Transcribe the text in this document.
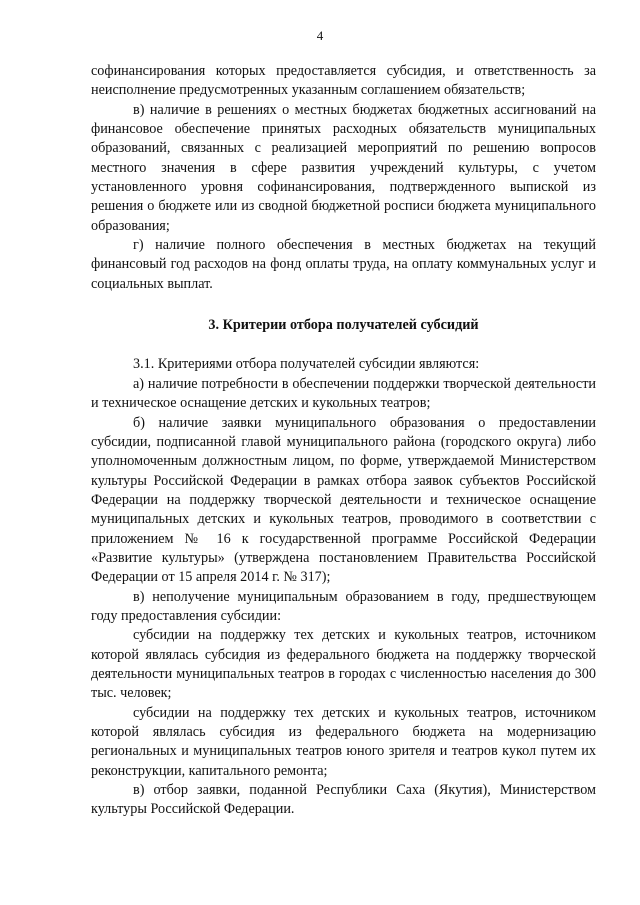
4

софинансирования которых предоставляется субсидия, и ответственность за неисполнение предусмотренных указанным соглашением обязательств;

в) наличие в решениях о местных бюджетах бюджетных ассигнований на финансовое обеспечение принятых расходных обязательств муниципальных образований, связанных с реализацией мероприятий по решению вопросов местного значения в сфере развития учреждений культуры, с учетом установленного уровня софинансирования, подтвержденного выпиской из решения о бюджете или из сводной бюджетной росписи бюджета муниципального образования;

г) наличие полного обеспечения в местных бюджетах на текущий финансовый год расходов на фонд оплаты труда, на оплату коммунальных услуг и социальных выплат.

3. Критерии отбора получателей субсидий

3.1. Критериями отбора получателей субсидии являются:

а) наличие потребности в обеспечении поддержки творческой деятельности и техническое оснащение детских и кукольных театров;

б) наличие заявки муниципального образования о предоставлении субсидии, подписанной главой муниципального района (городского округа) либо уполномоченным должностным лицом, по форме, утверждаемой Министерством культуры Российской Федерации в рамках отбора заявок субъектов Российской Федерации на поддержку творческой деятельности и техническое оснащение муниципальных детских и кукольных театров, проводимого в соответствии с приложением № 16 к государственной программе Российской Федерации «Развитие культуры» (утверждена постановлением Правительства Российской Федерации от 15 апреля 2014 г. № 317);

в) неполучение муниципальным образованием в году, предшествующем году предоставления субсидии:

субсидии на поддержку тех детских и кукольных театров, источником которой являлась субсидия из федерального бюджета на поддержку творческой деятельности муниципальных театров в городах с численностью населения до 300 тыс. человек;

субсидии на поддержку тех детских и кукольных театров, источником которой являлась субсидия из федерального бюджета на модернизацию региональных и муниципальных театров юного зрителя и театров кукол путем их реконструкции, капитального ремонта;

в) отбор заявки, поданной Республики Саха (Якутия), Министерством культуры Российской Федерации.
